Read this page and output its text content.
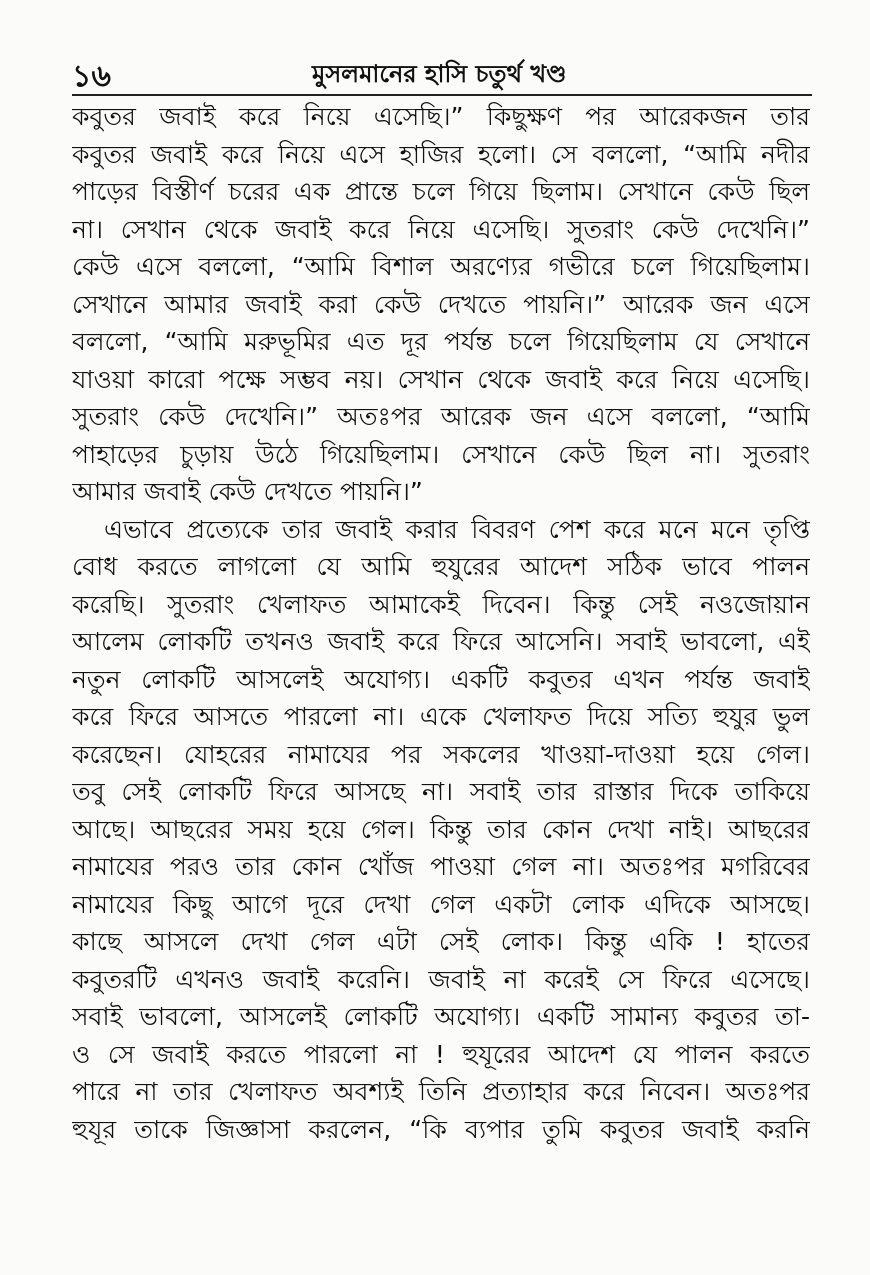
১৬	মুসলমানের হাসি চতুর্থ খণ্ড
কবুতর জবাই করে নিয়ে এসেছি।” কিছুক্ষণ পর আরেকজন তার
কবুতর জবাই করে নিয়ে এসে হাজির হলো। সে বললো, “আমি নদীর
পাড়ের বিস্তীর্ণ চরের এক প্রান্তে চলে গিয়ে ছিলাম। সেখানে কেউ ছিল
না। সেখান থেকে জবাই করে নিয়ে এসেছি। সুতরাং কেউ দেখেনি।”
কেউ এসে বললো, “আমি বিশাল অরণ্যের গভীরে চলে গিয়েছিলাম।
সেখানে আমার জবাই করা কেউ দেখতে পায়নি।” আরেক জন এসে
বললো, “আমি মরুভূমির এত দূর পর্যন্ত চলে গিয়েছিলাম যে সেখানে
যাওয়া কারো পক্ষে সম্ভব নয়। সেখান থেকে জবাই করে নিয়ে এসেছি।
সুতরাং কেউ দেখেনি।” অতঃপর আরেক জন এসে বললো, “আমি
পাহাড়ের চুড়ায় উঠে গিয়েছিলাম। সেখানে কেউ ছিল না। সুতরাং
আমার জবাই কেউ দেখতে পায়নি।”
এভাবে প্রত্যেকে তার জবাই করার বিবরণ পেশ করে মনে মনে তৃপ্তি
বোধ করতে লাগলো যে আমি হুযুরের আদেশ সঠিক ভাবে পালন
করেছি। সুতরাং খেলাফত আমাকেই দিবেন। কিন্তু সেই নওজোয়ান
আলেম লোকটি তখনও জবাই করে ফিরে আসেনি। সবাই ভাবলো, এই
নতুন লোকটি আসলেই অযোগ্য। একটি কবুতর এখন পর্যন্ত জবাই
করে ফিরে আসতে পারলো না। একে খেলাফত দিয়ে সত্যি হুযুর ভুল
করেছেন। যোহরের নামাযের পর সকলের খাওয়া-দাওয়া হয়ে গেল।
তবু সেই লোকটি ফিরে আসছে না। সবাই তার রাস্তার দিকে তাকিয়ে
আছে। আছরের সময় হয়ে গেল। কিন্তু তার কোন দেখা নাই। আছরের
নামাযের পরও তার কোন খোঁজ পাওয়া গেল না। অতঃপর মগরিবের
নামাযের কিছু আগে দূরে দেখা গেল একটা লোক এদিকে আসছে।
কাছে আসলে দেখা গেল এটা সেই লোক। কিন্তু একি ! হাতের
কবুতরটি এখনও জবাই করেনি। জবাই না করেই সে ফিরে এসেছে।
সবাই ভাবলো, আসলেই লোকটি অযোগ্য। একটি সামান্য কবুতর তা-
ও সে জবাই করতে পারলো না ! হুযূরের আদেশ যে পালন করতে
পারে না তার খেলাফত অবশ্যই তিনি প্রত্যাহার করে নিবেন। অতঃপর
হুযূর তাকে জিজ্ঞাসা করলেন, “কি ব্যপার তুমি কবুতর জবাই করনি
